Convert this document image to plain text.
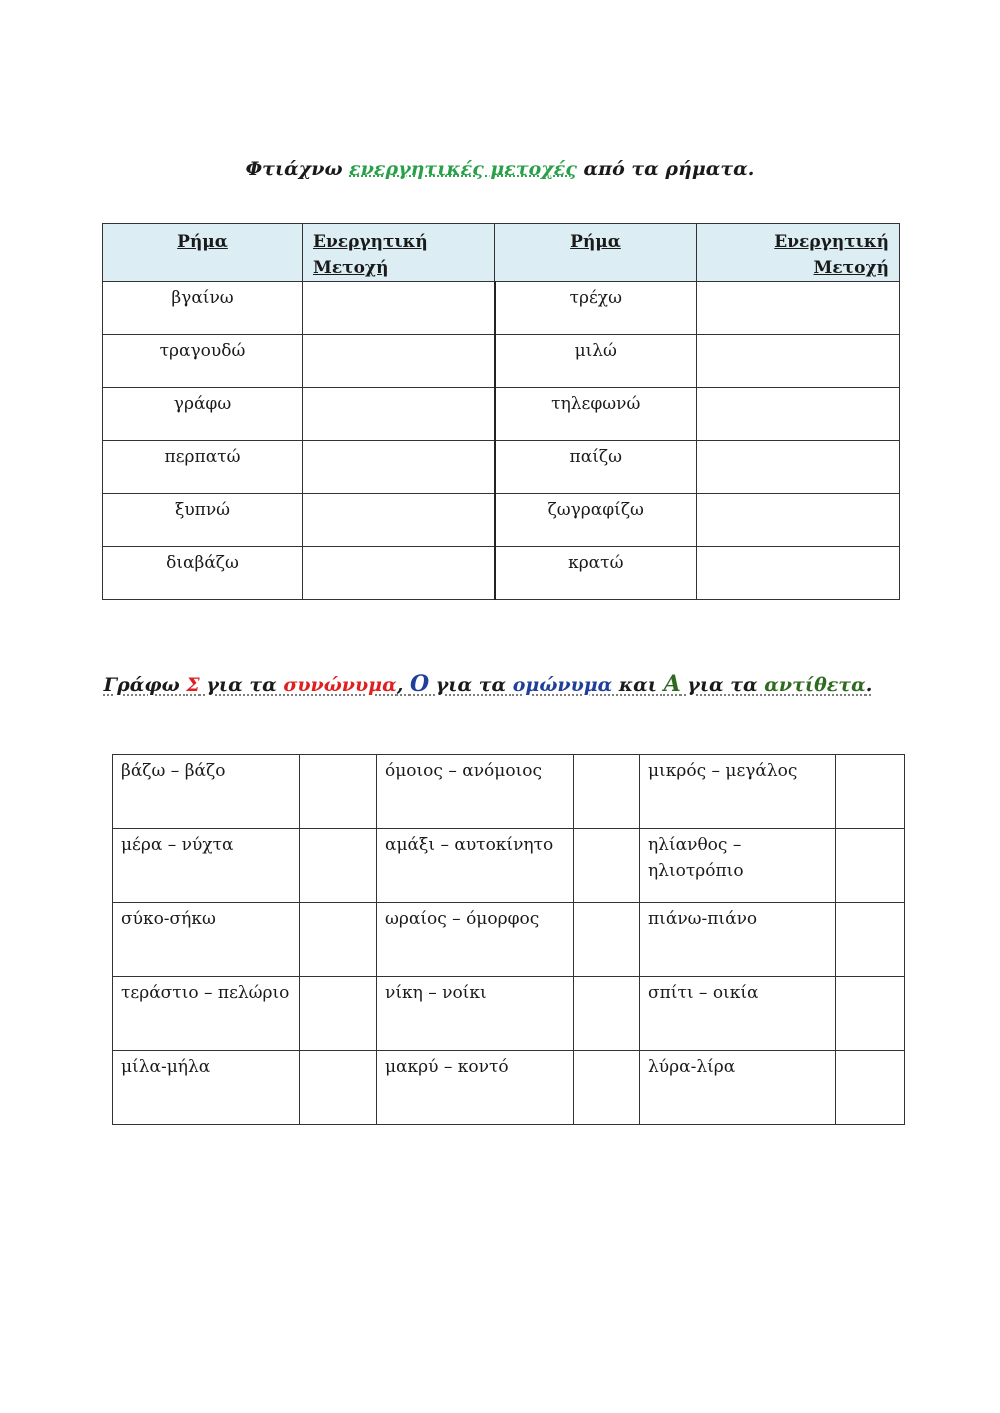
Φτιάχνω ενεργητικές μετοχές από τα ρήματα.

Ρήμα	Ενεργητική Μετοχή	Ρήμα	Ενεργητική Μετοχή
βγαίνω		τρέχω	
τραγουδώ		μιλώ	
γράφω		τηλεφωνώ	
περπατώ		παίζω	
ξυπνώ		ζωγραφίζω	
διαβάζω		κρατώ	

Γράφω Σ για τα συνώνυμα, Ο για τα ομώνυμα και Α για τα αντίθετα.

βάζω – βάζο		όμοιος – ανόμοιος		μικρός – μεγάλος	
μέρα – νύχτα		αμάξι – αυτοκίνητο		ηλίανθος – ηλιοτρόπιο	
σύκο-σήκω		ωραίος – όμορφος		πιάνω-πιάνο	
τεράστιο – πελώριο		νίκη – νοίκι		σπίτι – οικία	
μίλα-μήλα		μακρύ – κοντό		λύρα-λίρα	
